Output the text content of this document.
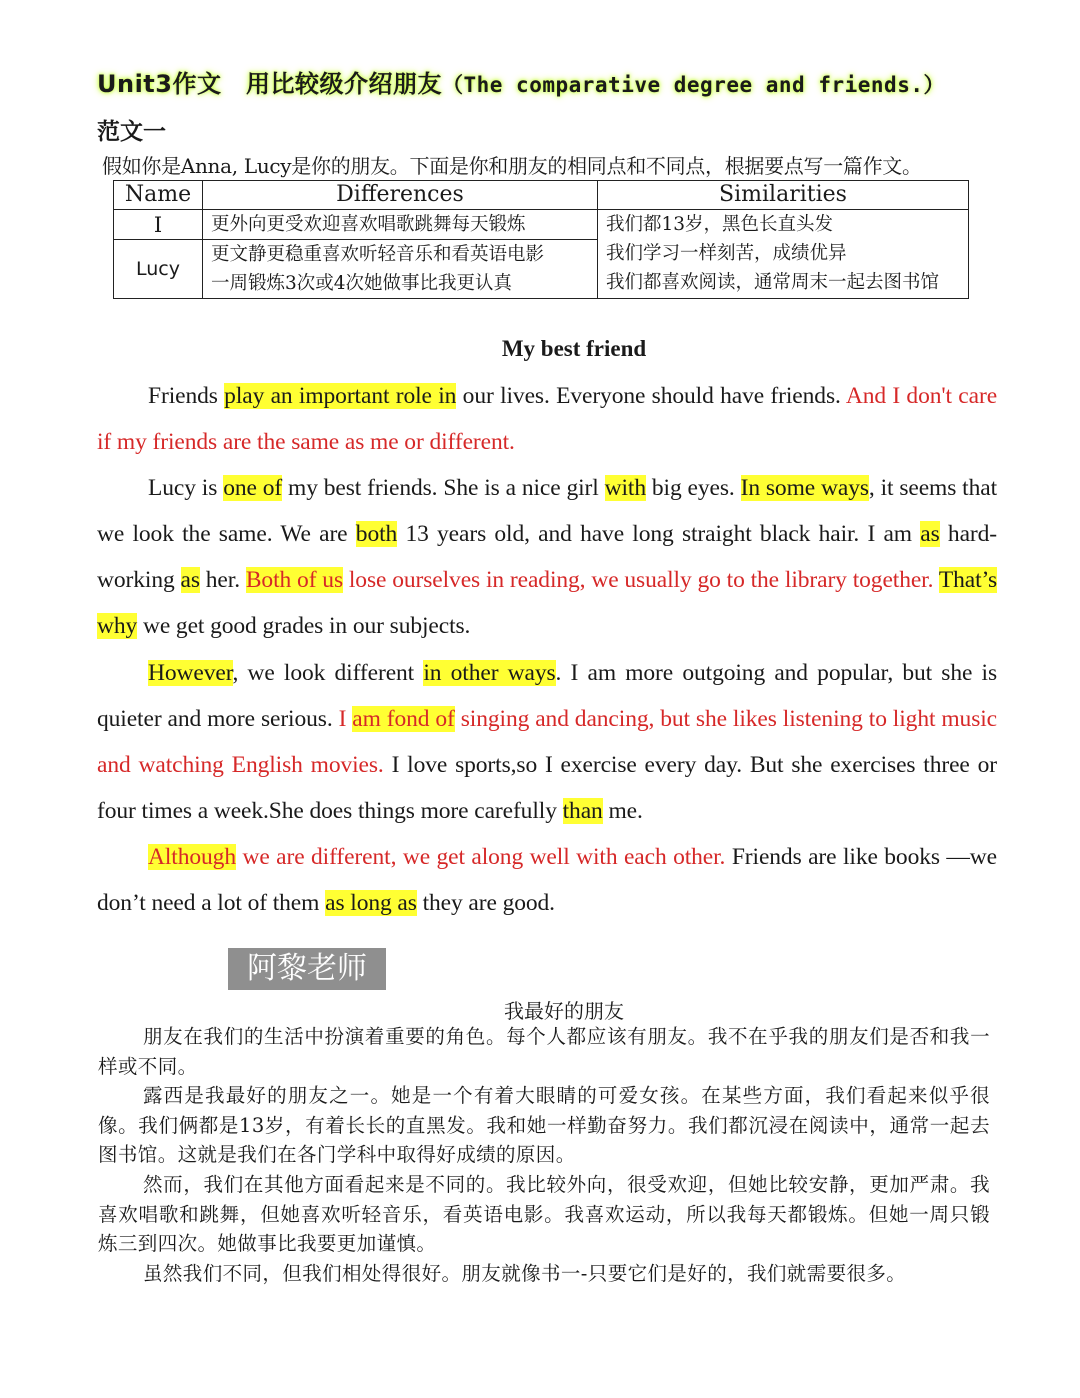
Unit3作文　用比较级介绍朋友（The comparative degree and friends.）
范文一
假如你是Anna, Lucy是你的朋友。下面是你和朋友的相同点和不同点，根据要点写一篇作文。
Name	Differences	Similarities
I	更外向更受欢迎喜欢唱歌跳舞每天锻炼	我们都13岁，黑色长直头发
我们学习一样刻苦，成绩优异
我们都喜欢阅读，通常周末一起去图书馆

Lucy	更文静更稳重喜欢听轻音乐和看英语电影
一周锻炼3次或4次她做事比我更认真	
My best friend

Friends play an important role in our lives. Everyone should have friends. And I don't care if my friends are the same as me or different.

Lucy is one of my best friends. She is a nice girl with big eyes. In some ways, it seems that we look the same. We are both 13 years old, and have long straight black hair. I am as hard-working as her. Both of us lose ourselves in reading, we usually go to the library together. That’s why we get good grades in our subjects.

However, we look different in other ways. I am more outgoing and popular, but she is quieter and more serious. I am fond of singing and dancing, but she likes listening to light music and watching English movies. I love sports,so I exercise every day. But she exercises three or four times a week.She does things more carefully than me.

Although we are different, we get along well with each other. Friends are like books —we don’t need a lot of them as long as they are good.

阿黎老师
我最好的朋友

朋友在我们的生活中扮演着重要的角色。每个人都应该有朋友。我不在乎我的朋友们是否和我一样或不同。

露西是我最好的朋友之一。她是一个有着大眼睛的可爱女孩。在某些方面，我们看起来似乎很像。我们俩都是13岁，有着长长的直黑发。我和她一样勤奋努力。我们都沉浸在阅读中，通常一起去图书馆。这就是我们在各门学科中取得好成绩的原因。

然而，我们在其他方面看起来是不同的。我比较外向，很受欢迎，但她比较安静，更加严肃。我喜欢唱歌和跳舞，但她喜欢听轻音乐，看英语电影。我喜欢运动，所以我每天都锻炼。但她一周只锻炼三到四次。她做事比我要更加谨慎。

虽然我们不同，但我们相处得很好。朋友就像书一-只要它们是好的，我们就需要很多。
